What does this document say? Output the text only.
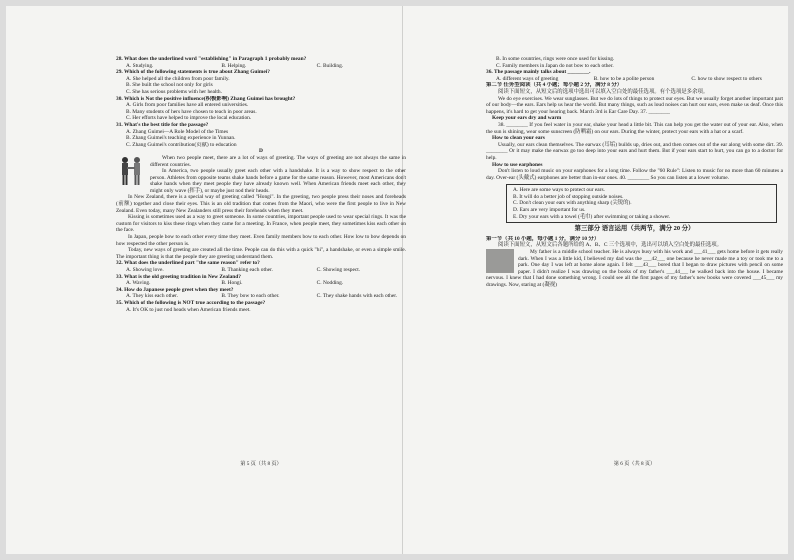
28. What does the underlined word "establishing" in Paragraph 1 probably mean?
A. Studying.	B. Helping.	C. Building.
29. Which of the following statements is true about Zhang Guimei?
A. She helped all the children from poor family.
B. She built the school not only for girls
C. She has serious problems with her health.
30. Which is Not the positive influence(积极影响) Zhang Guimei has brought?
A. Girls from poor families have all entered universities.
B. Many students of hers have chosen to teach in poor areas.
C. Her efforts have helped to improve the local education.
31. What's the best title for the passage?
A. Zhang Guimei—A Role Model of the Times
B. Zhang Guimei's teaching experience in Yunnan.
C. Zhang Guimei's contribution(贡献) to education
D
When two people meet, there are a lot of ways of greeting. The ways of greeting are not always the same in different countries.
In America, two people usually greet each other with a handshake. It is a way to show respect to the other person. Athletes from opposite teams shake hands before a game for the same reason. However, most Americans don't shake hands when they meet people they have already known well. When American friends meet each other, they might only wave (挥手), or maybe just nod their heads.
In New Zealand, there is a special way of greeting called "Hongi". In the greeting, two people press their noses and foreheads (前额) together and close their eyes. This is an old tradition that comes from the Maori, who were the first people to live in New Zealand. Even today, many New Zealanders still press their foreheads when they meet.
Kissing is sometimes used as a way to greet someone. In some countries, important people used to wear special rings. It was the custom for visitors to kiss these rings when they came for a meeting. In France, when people meet, they sometimes kiss each other on the face.
In Japan, people bow to each other every time they meet. Even family members bow to each other. How low to bow depends on how respected the other person is.
Today, new ways of greeting are created all the time. People can do this with a quick "hi", a handshake, or even a simple smile. The important thing is that the people they are greeting understand them.
32. What does the underlined part "the same reason" refer to?
A. Showing love.	B. Thanking each other.	C. Showing respect.
33. What is the old greeting tradition in New Zealand?
A. Waving.	B. Hongi.	C. Nodding.
34. How do Japanese people greet when they meet?
A. They kiss each other.	B. They bow to each other.	C. They shake hands with each other.
35. Which of the following is NOT true according to the passage?
A. It's OK to just nod heads when American friends meet.
第 5 页（共 8 页）
B. In some countries, rings were once used for kissing.
C. Family members in Japan do not bow to each other.
36. The passage mainly talks about ________.
A. different ways of greeting	B. how to be a polite person	C. how to show respect to others
第二节 任务型阅读（共 4 小题；每小题 2 分，满分 8 分）
阅读下面短文，从短文后的选项中选出可以填入空白处的最佳选项。有个选项是多余项。
We do eye exercises. We wear sunglasses. But we do lots of things to protect our eyes. But we usually forget another important part of our body—the ears. Ears help us hear the world. But many things, such as loud noises can hurt our ears, even make us deaf. Once this happens, it's hard to get your hearing back. March 3rd is Ear Care Day. 37. ________
Keep your ears dry and warm
38. ________ If you feel water in your ear, shake your head a little bit. This can help you get the water out of your ear. Also, when the sun is shining, wear some sunscreen (防晒霜) on our ears. During the winter, protect your ears with a hat or a scarf.
How to clean your ears
Usually, our ears clean themselves. The earwax (耳垢) builds up, dries out, and then comes out of the ear along with some dirt. 39. ________ Or it may make the earwax go too deep into your ears and hurt them. But if your ears start to hurt, you can go to a doctor for help.
How to use earphones
Don't listen to loud music on your earphones for a long time. Follow the "60 Rule": Listen to music for no more than 60 minutes a day. Over-ear (头戴式) earphones are better than in-ear ones. 40. ________ So you can listen at a lower volume.
A. Here are some ways to protect our ears.
B. It will do a better job of stopping outside noises.
C. Don't clean your ears with anything sharp (尖锐的).
D. Ears are very important for us.
E. Dry your ears with a towel (毛巾) after swimming or taking a shower.
第三部分 语言运用（共两节，满分 20 分）
第一节（共 10 小题，每小题 1 分，满分 10 分）
阅读下面短文，从短文后各题所给的 A、B、C 三个选项中，选出可以填入空白处的最佳选项。
My father is a middle school teacher. He is always busy with his work and ___41___ gets home before it gets really dark. When I was a little kid, I believed my dad was the ___42___ one because he never made me a toy or took me to a park. One day I was left at home alone again. I felt ___43___ bored that I began to draw pictures with pencil on some paper. I didn't realize I was drawing on the books of my father's ___44___ he walked back into the house. I became nervous. I knew that I had done something wrong. I could see all the first pages of my father's new books were covered ___45___ my drawings. Now, staring at (凝视)
第 6 页（共 8 页）
